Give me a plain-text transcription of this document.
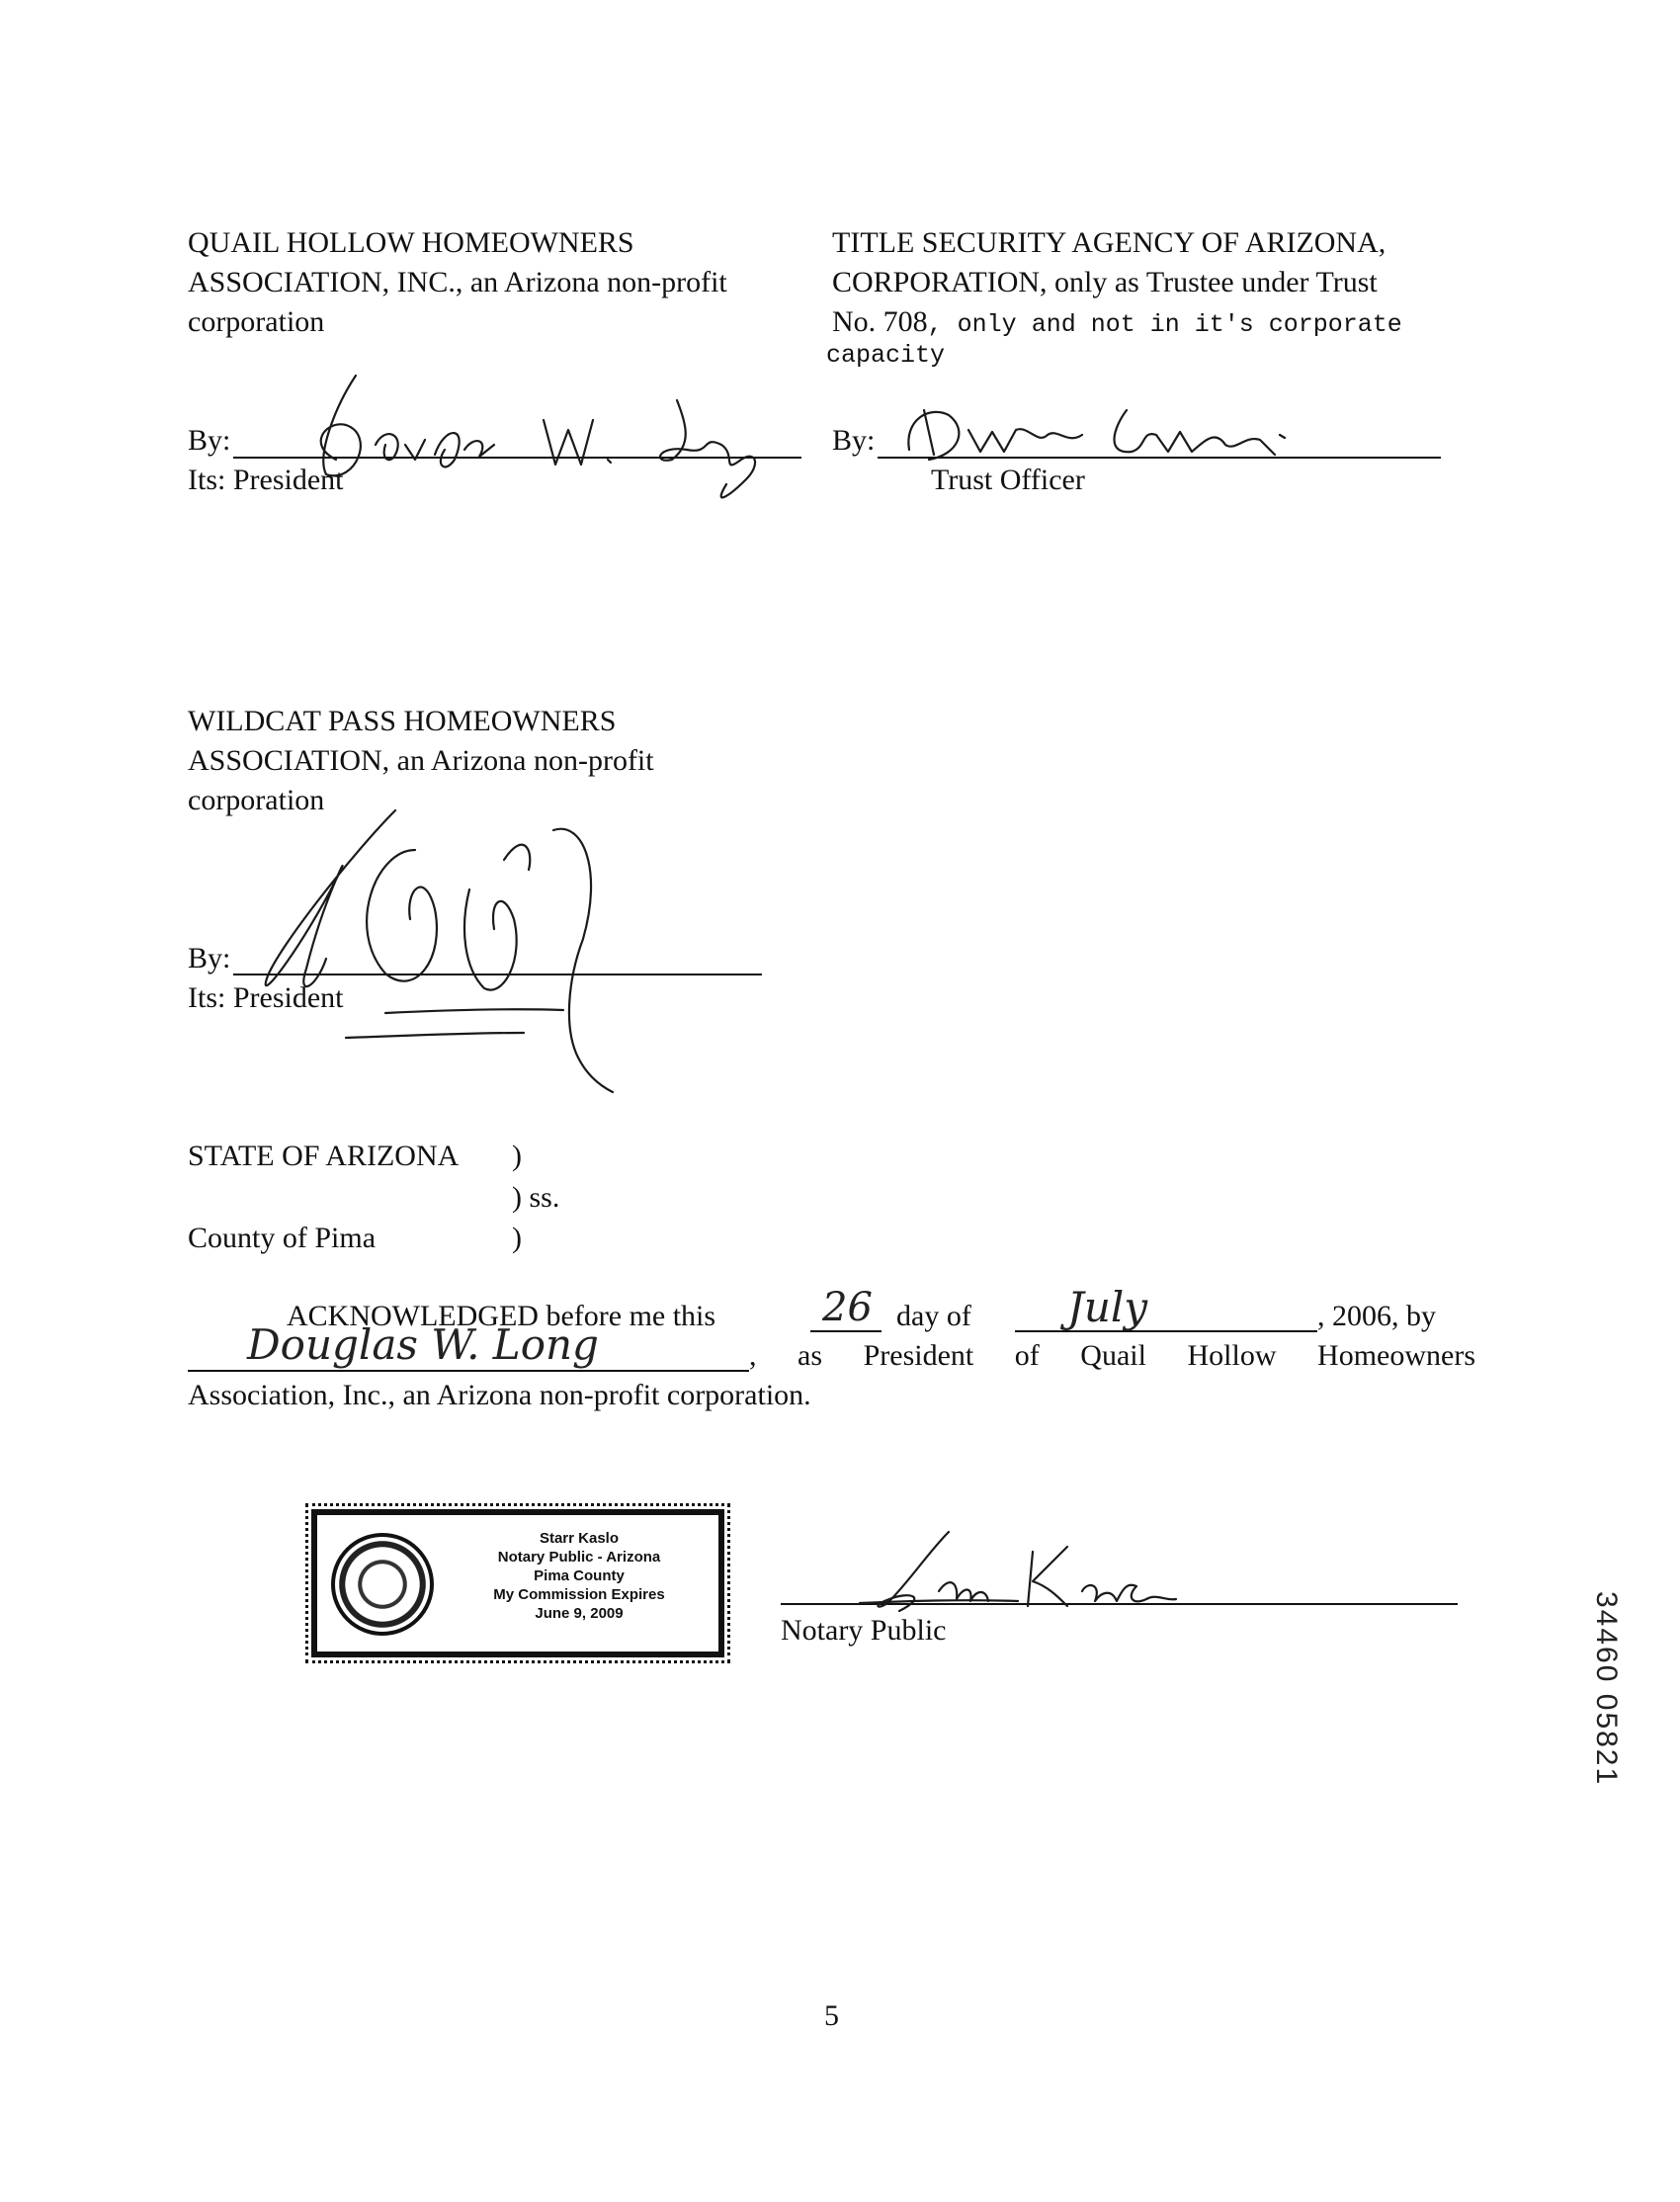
QUAIL HOLLOW HOMEOWNERS
ASSOCIATION, INC., an Arizona non-profit
corporation
By:
Its: President
TITLE SECURITY AGENCY OF ARIZONA,
CORPORATION, only as Trustee under Trust
No. 708, only and not in it's corporate
capacity
By:
Trust Officer
WILDCAT PASS HOMEOWNERS
ASSOCIATION, an Arizona non-profit
corporation
By:
Its: President
STATE OF ARIZONA )
) ss.
County of Pima	)
ACKNOWLEDGED before me this	26 day of July	, 2006, by
Douglas W. Long	, as President of Quail Hollow Homeowners
Association, Inc., an Arizona non-profit corporation.
Starr Kaslo
Notary Public - Arizona
Pima County
My Commission Expires
June 9, 2009
Notary Public	34460 05821
5
